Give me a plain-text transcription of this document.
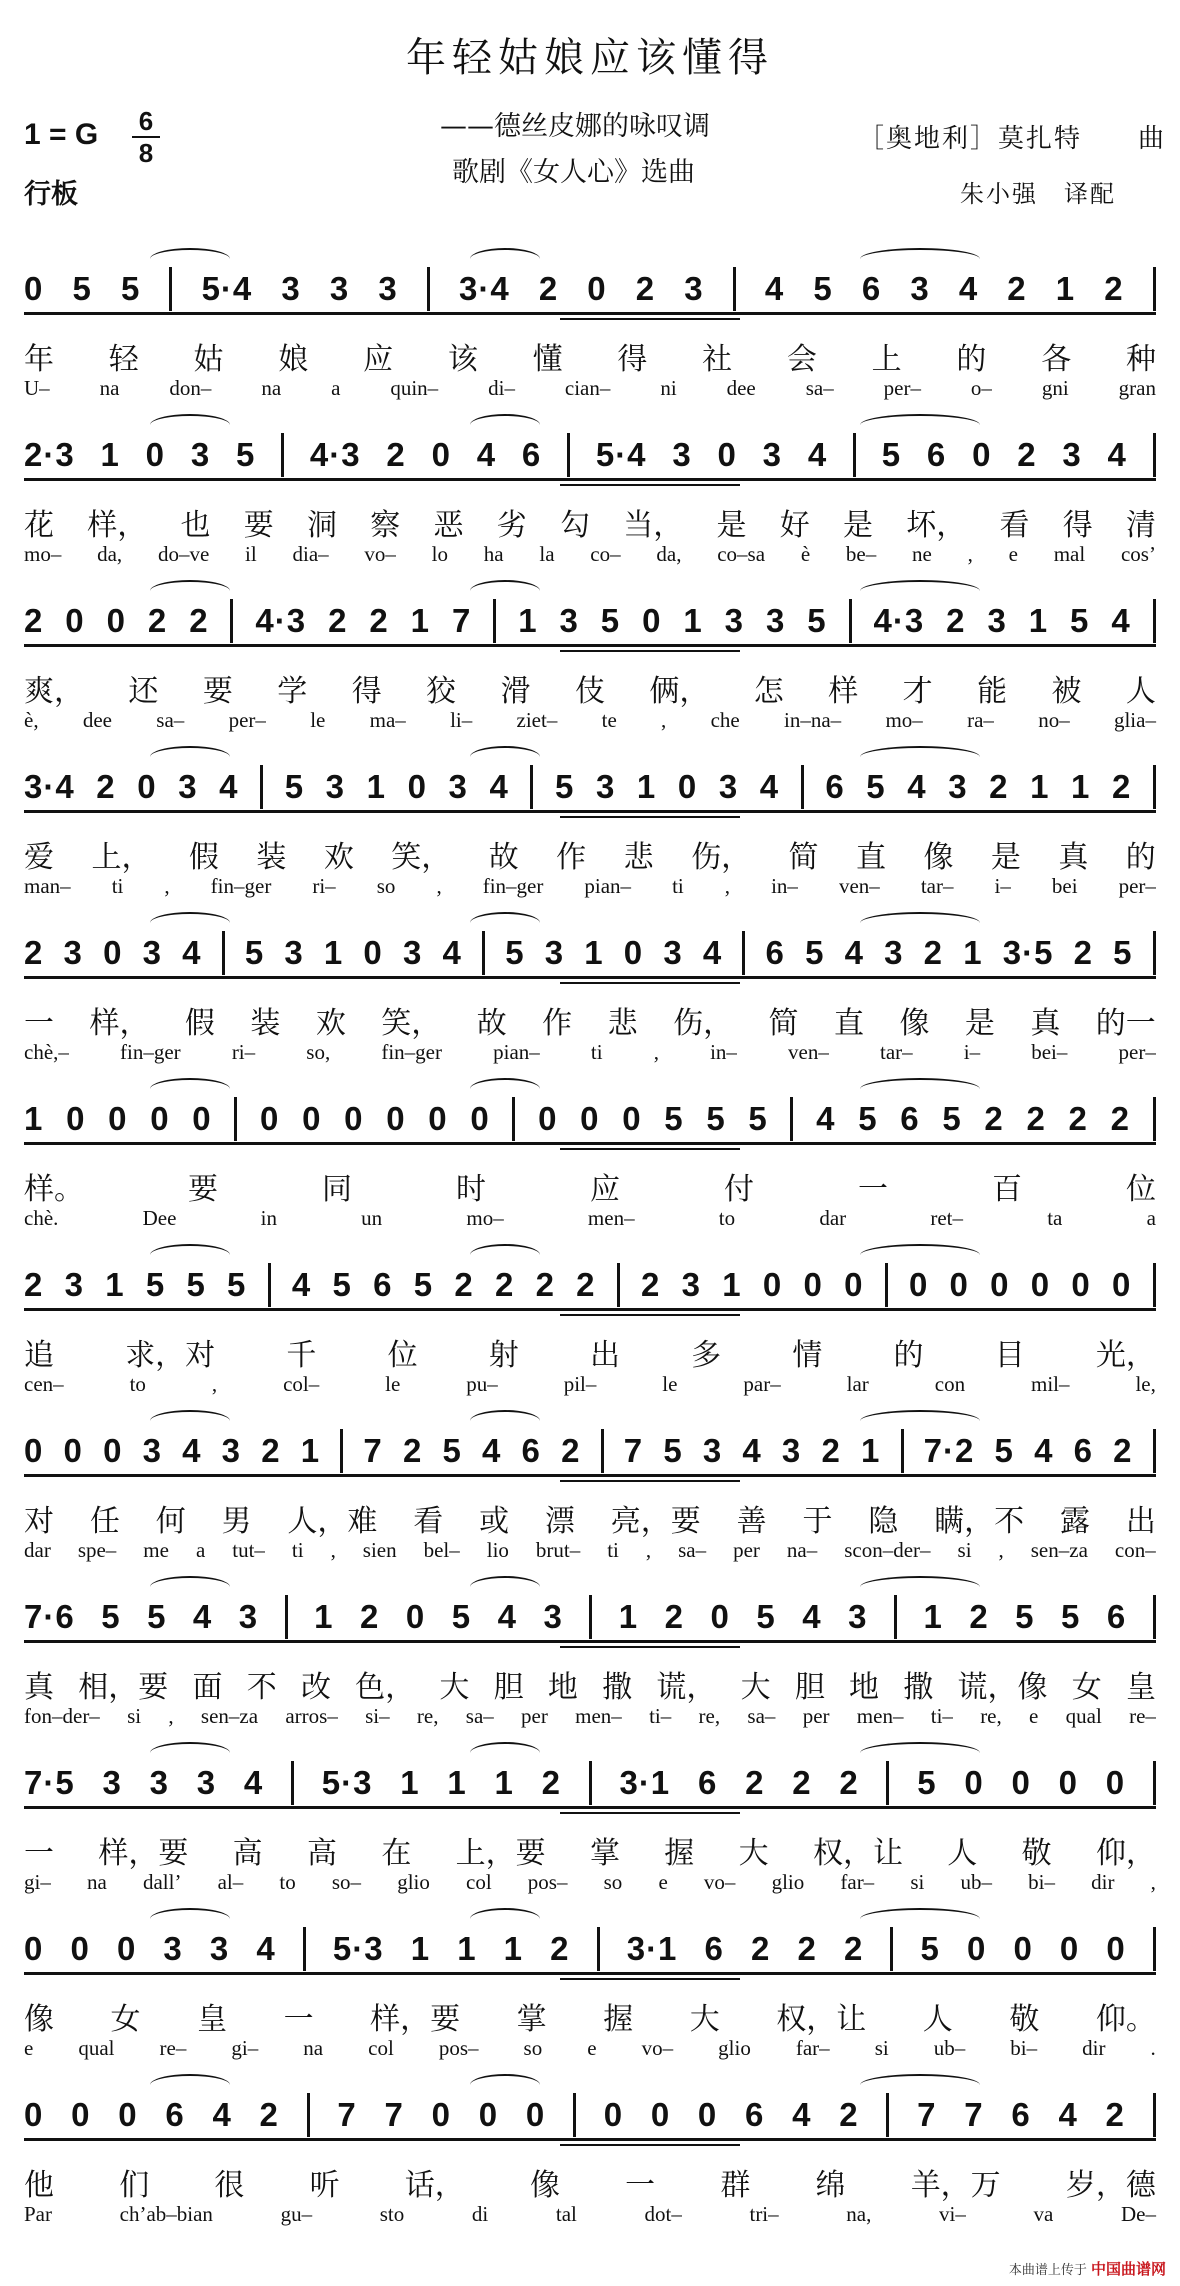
年轻姑娘应该懂得
——德丝皮娜的咏叹调
歌剧《女人心》选曲
1 = G	6
8
行板
［奥地利］莫扎特　　曲
朱小强　译配
0 5 5 5·4 3 3 3 3·4 2 0 2 3 4 5 6 3 4 2 1 2
年 轻 姑 娘 应 该 懂 得 社 会 上 的 各 种
U– na don– na a quin– di– cian– ni dee sa– per– o– gni gran
2·3 1 0 3 5 4·3 2 0 4 6 5·4 3 0 3 4 5 6 0 2 3 4
花 样， 也 要 洞 察 恶 劣 勾 当， 是 好 是 坏， 看 得 清
mo– da, do–ve il dia– vo– lo ha la co– da, co–sa è be– ne , e mal cos’
2 0 0 2 2 4·3 2 2 1 7 1 3 5 0 1 3 3 5 4·3 2 3 1 5 4
爽， 还 要 学 得 狡 滑 伎 俩， 怎 样 才 能 被 人
è, dee sa– per– le ma– li– ziet– te , che in–na– mo– ra– no– glia–
3·4 2 0 3 4 5 3 1 0 3 4 5 3 1 0 3 4 6 5 4 3 2 1 1 2
爱 上， 假 装 欢 笑， 故 作 悲 伤， 简 直 像 是 真 的
man– ti , fin–ger ri– so , fin–ger pian– ti , in– ven– tar– i– bei per–
2 3 0 3 4 5 3 1 0 3 4 5 3 1 0 3 4 6 5 4 3 2 1 3·5 2 5
一 样， 假 装 欢 笑， 故 作 悲 伤， 简 直 像 是 真 的一
chè,– fin–ger ri– so, fin–ger pian– ti , in– ven– tar– i– bei– per–
1 0 0 0 0 0 0 0 0 0 0 0 0 0 5 5 5 4 5 6 5 2 2 2 2
样。	要	同	时	应	付	一	百	位
chè.	Dee	in	un	mo–	men–	to	dar	ret–	ta	a
2 3 1 5 5 5 4 5 6 5 2 2 2 2 2 3 1 0 0 0 0 0 0 0 0 0
追 求，对 千 位 射 出 多 情 的 目 光，
cen–	to	,	col–	le	pu–	pil–	le	par–	lar	con	mil–	le,
0 0 0 3 4 3 2 1 7 2 5 4 6 2 7 5 3 4 3 2 1 7·2 5 4 6 2
对 任 何 男 人，难 看 或 漂 亮，要 善 于 隐 瞒，不 露 出
dar spe– me a tut– ti , sien bel– lio brut– ti , sa– per na– scon–der– si , sen–za con–
7·6 5 5 4 3 1 2 0 5 4 3 1 2 0 5 4 3 1 2 5 5 6
真 相，要 面 不 改 色， 大 胆 地 撒 谎， 大 胆 地 撒 谎，像 女 皇
fon–der– si , sen–za arros– si– re, sa– per men– ti– re, sa– per men– ti– re, e qual re–
7·5 3 3 3 4 5·3 1 1 1 2 3·1 6 2 2 2 5 0 0 0 0
一 样，要 高 高 在 上，要 掌 握 大 权，让 人 敬 仰，
gi– na dall’ al– to so– glio col pos– so e vo– glio far– si ub– bi– dir ,
0 0 0 3 3 4 5·3 1 1 1 2 3·1 6 2 2 2 5 0 0 0 0
像 女 皇 一 样，要 掌 握 大 权，让 人 敬 仰。
e qual re– gi– na col pos– so e vo– glio far– si ub– bi– dir .
0 0 0 6 4 2 7 7 0 0 0 0 0 0 6 4 2 7 7 6 4 2
他 们 很 听 话， 像 一 群 绵 羊，万 岁，德
Par	ch’ab–bian	gu–	sto	di	tal	dot–	tri–	na,	vi–	va	De–
本曲谱上传于 中国曲谱网
